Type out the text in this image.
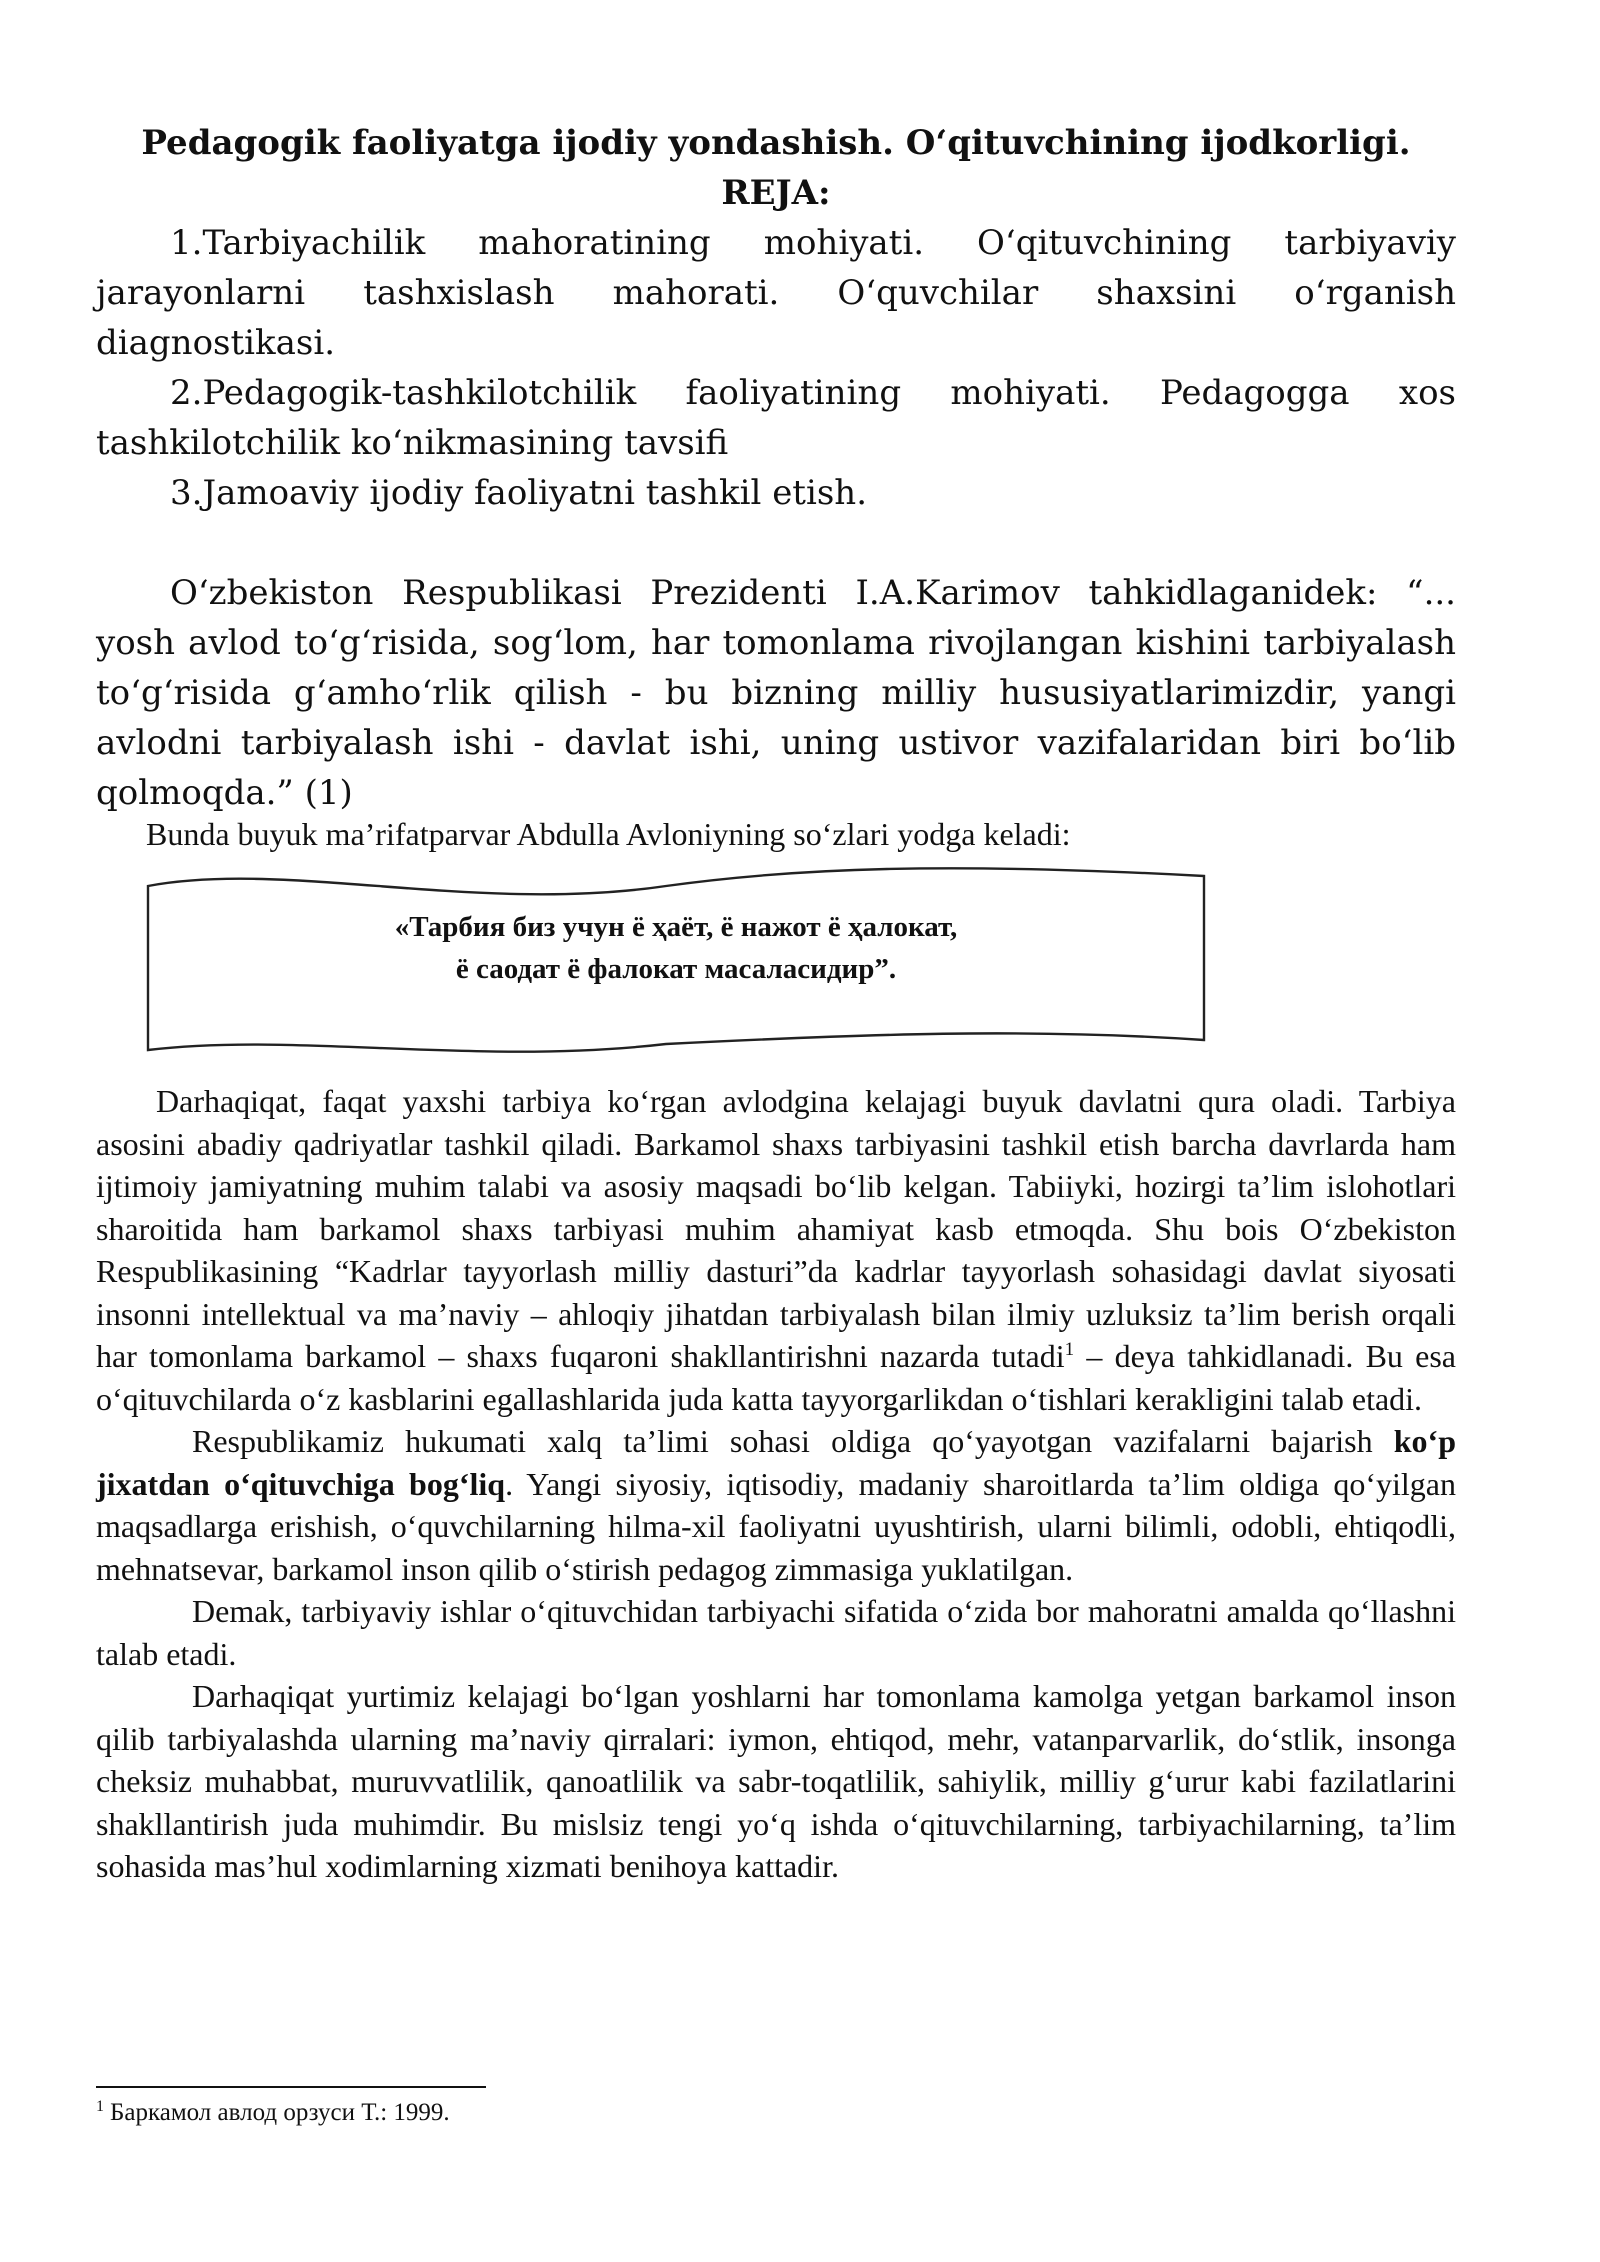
Pedagogik faoliyatga ijodiy yondashish. O‘qituvchining ijodkorligi.
REJA:

1.Tarbiyachilik mahoratining mohiyati. O‘qituvchining tarbiyaviy jarayonlarni tashxislash mahorati. O‘quvchilar shaxsini o‘rganish diagnostikasi.

2.Pedagogik-tashkilotchilik faoliyatining mohiyati. Pedagogga xos tashkilotchilik ko‘nikmasining tavsifi

3.Jamoaviy ijodiy faoliyatni tashkil etish.

O‘zbekiston Respublikasi Prezidenti I.A.Karimov tahkidlaganidek: “... yosh avlod to‘g‘risida, sog‘lom, har tomonlama rivojlangan kishini tarbiyalash to‘g‘risida g‘amho‘rlik qilish - bu bizning milliy hususiyatlarimizdir, yangi avlodni tarbiyalash ishi - davlat ishi, uning ustivor vazifalaridan biri bo‘lib qolmoqda.” (1)

Bunda buyuk ma’rifatparvar Abdulla Avloniyning so‘zlari yodga keladi:

«Тарбия биз учун ё ҳаёт, ё нажот ё ҳалокат,
ё саодат ё фалокат масаласидир”.

Darhaqiqat, faqat yaxshi tarbiya ko‘rgan avlodgina kelajagi buyuk davlatni qura oladi. Tarbiya asosini abadiy qadriyatlar tashkil qiladi. Barkamol shaxs tarbiyasini tashkil etish barcha davrlarda ham ijtimoiy jamiyatning muhim talabi va asosiy maqsadi bo‘lib kelgan. Tabiiyki, hozirgi ta’lim islohotlari sharoitida ham barkamol shaxs tarbiyasi muhim ahamiyat kasb etmoqda. Shu bois O‘zbekiston Respublikasining “Kadrlar tayyorlash milliy dasturi”da kadrlar tayyorlash sohasidagi davlat siyosati insonni intellektual va ma’naviy – ahloqiy jihatdan tarbiyalash bilan ilmiy uzluksiz ta’lim berish orqali har tomonlama barkamol – shaxs fuqaroni shakllantirishni nazarda tutadi$^1$ – deya tahkidlanadi. Bu esa o‘qituvchilarda o‘z kasblarini egallashlarida juda katta tayyorgarlikdan o‘tishlari kerakligini talab etadi.

Respublikamiz hukumati xalq ta’limi sohasi oldiga qo‘yayotgan vazifalarni bajarish ko‘p jixatdan o‘qituvchiga bog‘liq. Yangi siyosiy, iqtisodiy, madaniy sharoitlarda ta’lim oldiga qo‘yilgan maqsadlarga erishish, o‘quvchilarning hilma-xil faoliyatni uyushtirish, ularni bilimli, odobli, ehtiqodli, mehnatsevar, barkamol inson qilib o‘stirish pedagog zimmasiga yuklatilgan.

Demak, tarbiyaviy ishlar o‘qituvchidan tarbiyachi sifatida o‘zida bor mahoratni amalda qo‘llashni talab etadi.

Darhaqiqat yurtimiz kelajagi bo‘lgan yoshlarni har tomonlama kamolga yetgan barkamol inson qilib tarbiyalashda ularning ma’naviy qirralari: iymon, ehtiqod, mehr, vatanparvarlik, do‘stlik, insonga cheksiz muhabbat, muruvvatlilik, qanoatlilik va sabr-toqatlilik, sahiylik, milliy g‘urur kabi fazilatlarini shakllantirish juda muhimdir. Bu mislsiz tengi yo‘q ishda o‘qituvchilarning, tarbiyachilarning, ta’lim sohasida mas’hul xodimlarning xizmati benihoya kattadir.

$^1$ Баркамол авлод орзуси Т.: 1999.
